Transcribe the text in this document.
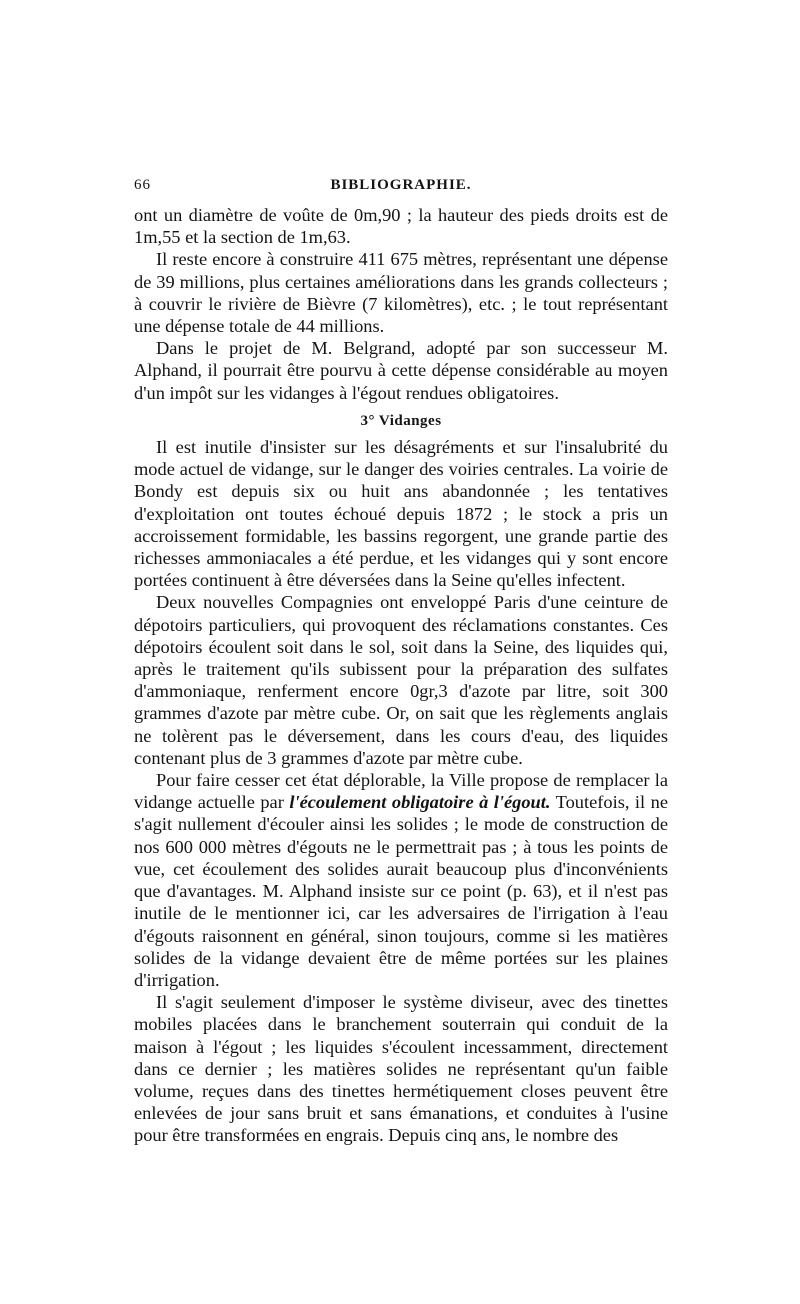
66	BIBLIOGRAPHIE.

ont un diamètre de voûte de 0m,90 ; la hauteur des pieds droits est de 1m,55 et la section de 1m,63.

Il reste encore à construire 411 675 mètres, représentant une dépense de 39 millions, plus certaines améliorations dans les grands collecteurs ; à couvrir le rivière de Bièvre (7 kilomètres), etc. ; le tout représentant une dépense totale de 44 millions.

Dans le projet de M. Belgrand, adopté par son successeur M. Alphand, il pourrait être pourvu à cette dépense considérable au moyen d'un impôt sur les vidanges à l'égout rendues obligatoires.

3° Vidanges

Il est inutile d'insister sur les désagréments et sur l'insalubrité du mode actuel de vidange, sur le danger des voiries centrales. La voirie de Bondy est depuis six ou huit ans abandonnée ; les tentatives d'exploitation ont toutes échoué depuis 1872 ; le stock a pris un accroissement formidable, les bassins regorgent, une grande partie des richesses ammoniacales a été perdue, et les vidanges qui y sont encore portées continuent à être déversées dans la Seine qu'elles infectent.

Deux nouvelles Compagnies ont enveloppé Paris d'une ceinture de dépotoirs particuliers, qui provoquent des réclamations constantes. Ces dépotoirs écoulent soit dans le sol, soit dans la Seine, des liquides qui, après le traitement qu'ils subissent pour la préparation des sulfates d'ammoniaque, renferment encore 0gr,3 d'azote par litre, soit 300 grammes d'azote par mètre cube. Or, on sait que les règlements anglais ne tolèrent pas le déversement, dans les cours d'eau, des liquides contenant plus de 3 grammes d'azote par mètre cube.

Pour faire cesser cet état déplorable, la Ville propose de remplacer la vidange actuelle par l'écoulement obligatoire à l'égout. Toutefois, il ne s'agit nullement d'écouler ainsi les solides ; le mode de construction de nos 600 000 mètres d'égouts ne le permettrait pas ; à tous les points de vue, cet écoulement des solides aurait beaucoup plus d'inconvénients que d'avantages. M. Alphand insiste sur ce point (p. 63), et il n'est pas inutile de le mentionner ici, car les adversaires de l'irrigation à l'eau d'égouts raisonnent en général, sinon toujours, comme si les matières solides de la vidange devaient être de même portées sur les plaines d'irrigation.

Il s'agit seulement d'imposer le système diviseur, avec des tinettes mobiles placées dans le branchement souterrain qui conduit de la maison à l'égout ; les liquides s'écoulent incessamment, directement dans ce dernier ; les matières solides ne représentant qu'un faible volume, reçues dans des tinettes hermétiquement closes peuvent être enlevées de jour sans bruit et sans émanations, et conduites à l'usine pour être transformées en engrais. Depuis cinq ans, le nombre des
